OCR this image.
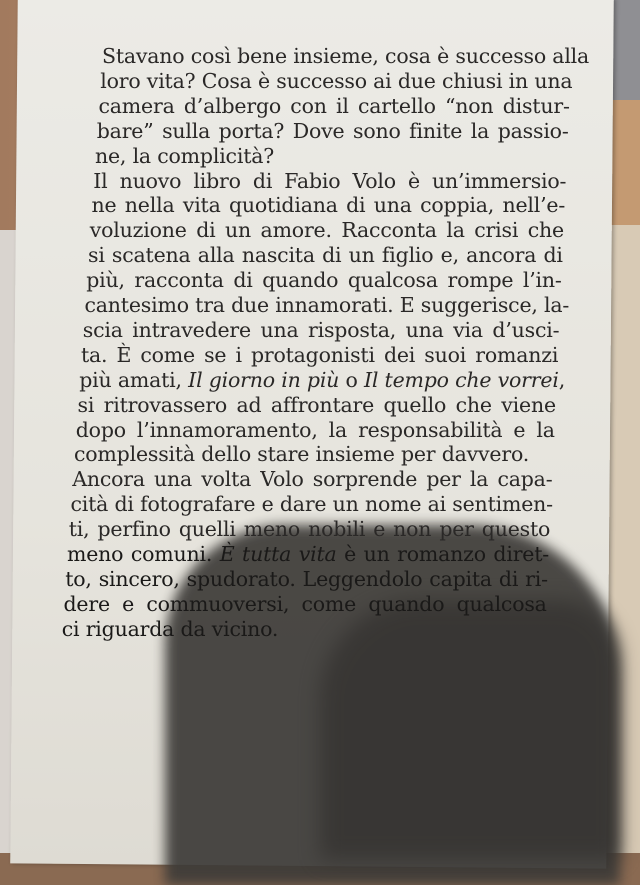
Stavano così bene insieme, cosa è successo alla
loro vita? Cosa è successo ai due chiusi in una
camera d’albergo con il cartello “non distur-
bare” sulla porta? Dove sono finite la passio-
ne, la complicità?
Il nuovo libro di Fabio Volo è un’immersio-
ne nella vita quotidiana di una coppia, nell’e-
voluzione di un amore. Racconta la crisi che
si scatena alla nascita di un figlio e, ancora di
più, racconta di quando qualcosa rompe l’in-
cantesimo tra due innamorati. E suggerisce, la-
scia intravedere una risposta, una via d’usci-
ta. È come se i protagonisti dei suoi romanzi
più amati, Il giorno in più o Il tempo che vorrei,
si ritrovassero ad affrontare quello che viene
dopo l’innamoramento, la responsabilità e la
complessità dello stare insieme per davvero.
Ancora una volta Volo sorprende per la capa-
cità di fotografare e dare un nome ai sentimen-
ti, perfino quelli meno nobili e non per questo
meno comuni. È tutta vita è un romanzo diret-
to, sincero, spudorato. Leggendolo capita di ri-
dere e commuoversi, come quando qualcosa
ci riguarda da vicino.
